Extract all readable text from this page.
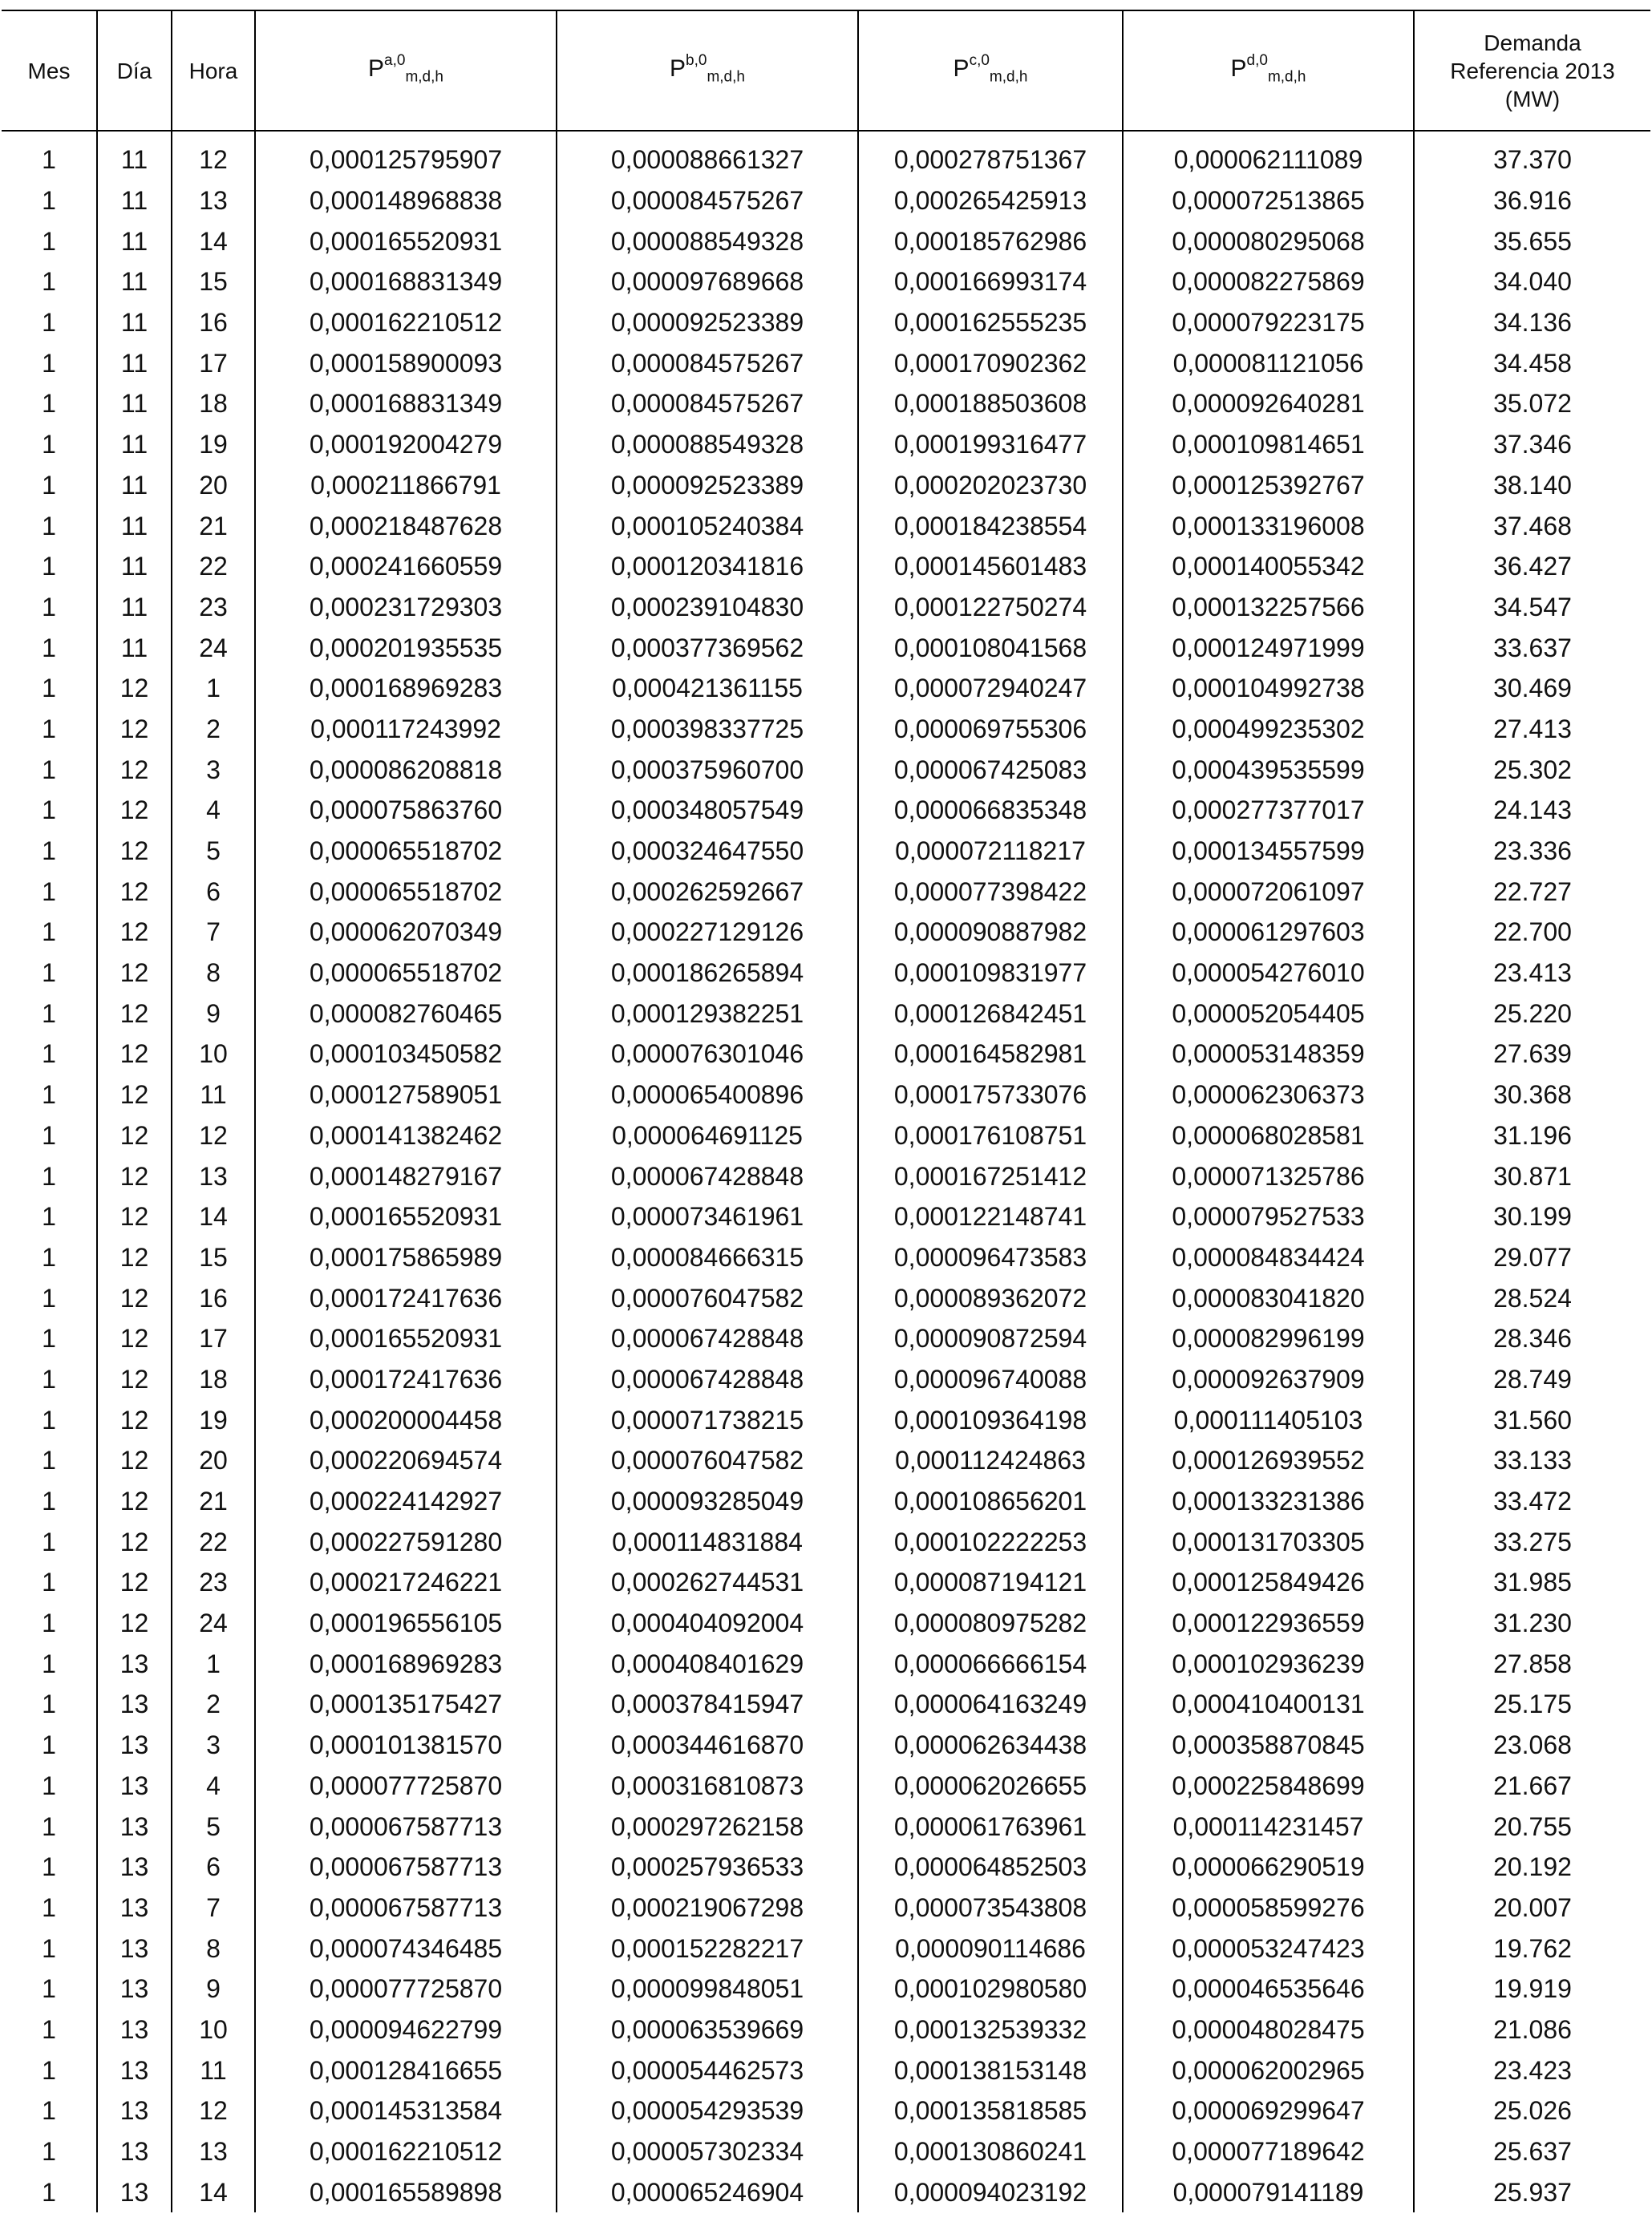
Mes	Día	Hora	P$^{a,0}_{m,d,h}$	P$^{b,0}_{m,d,h}$	P$^{c,0}_{m,d,h}$	P$^{d,0}_{m,d,h}$	Demanda
Referencia 2013
(MW)
1	11	12	0,000125795907	0,000088661327	0,000278751367	0,000062111089	37.370
1	11	13	0,000148968838	0,000084575267	0,000265425913	0,000072513865	36.916
1	11	14	0,000165520931	0,000088549328	0,000185762986	0,000080295068	35.655
1	11	15	0,000168831349	0,000097689668	0,000166993174	0,000082275869	34.040
1	11	16	0,000162210512	0,000092523389	0,000162555235	0,000079223175	34.136
1	11	17	0,000158900093	0,000084575267	0,000170902362	0,000081121056	34.458
1	11	18	0,000168831349	0,000084575267	0,000188503608	0,000092640281	35.072
1	11	19	0,000192004279	0,000088549328	0,000199316477	0,000109814651	37.346
1	11	20	0,000211866791	0,000092523389	0,000202023730	0,000125392767	38.140
1	11	21	0,000218487628	0,000105240384	0,000184238554	0,000133196008	37.468
1	11	22	0,000241660559	0,000120341816	0,000145601483	0,000140055342	36.427
1	11	23	0,000231729303	0,000239104830	0,000122750274	0,000132257566	34.547
1	11	24	0,000201935535	0,000377369562	0,000108041568	0,000124971999	33.637
1	12	1	0,000168969283	0,000421361155	0,000072940247	0,000104992738	30.469
1	12	2	0,000117243992	0,000398337725	0,000069755306	0,000499235302	27.413
1	12	3	0,000086208818	0,000375960700	0,000067425083	0,000439535599	25.302
1	12	4	0,000075863760	0,000348057549	0,000066835348	0,000277377017	24.143
1	12	5	0,000065518702	0,000324647550	0,000072118217	0,000134557599	23.336
1	12	6	0,000065518702	0,000262592667	0,000077398422	0,000072061097	22.727
1	12	7	0,000062070349	0,000227129126	0,000090887982	0,000061297603	22.700
1	12	8	0,000065518702	0,000186265894	0,000109831977	0,000054276010	23.413
1	12	9	0,000082760465	0,000129382251	0,000126842451	0,000052054405	25.220
1	12	10	0,000103450582	0,000076301046	0,000164582981	0,000053148359	27.639
1	12	11	0,000127589051	0,000065400896	0,000175733076	0,000062306373	30.368
1	12	12	0,000141382462	0,000064691125	0,000176108751	0,000068028581	31.196
1	12	13	0,000148279167	0,000067428848	0,000167251412	0,000071325786	30.871
1	12	14	0,000165520931	0,000073461961	0,000122148741	0,000079527533	30.199
1	12	15	0,000175865989	0,000084666315	0,000096473583	0,000084834424	29.077
1	12	16	0,000172417636	0,000076047582	0,000089362072	0,000083041820	28.524
1	12	17	0,000165520931	0,000067428848	0,000090872594	0,000082996199	28.346
1	12	18	0,000172417636	0,000067428848	0,000096740088	0,000092637909	28.749
1	12	19	0,000200004458	0,000071738215	0,000109364198	0,000111405103	31.560
1	12	20	0,000220694574	0,000076047582	0,000112424863	0,000126939552	33.133
1	12	21	0,000224142927	0,000093285049	0,000108656201	0,000133231386	33.472
1	12	22	0,000227591280	0,000114831884	0,000102222253	0,000131703305	33.275
1	12	23	0,000217246221	0,000262744531	0,000087194121	0,000125849426	31.985
1	12	24	0,000196556105	0,000404092004	0,000080975282	0,000122936559	31.230
1	13	1	0,000168969283	0,000408401629	0,000066666154	0,000102936239	27.858
1	13	2	0,000135175427	0,000378415947	0,000064163249	0,000410400131	25.175
1	13	3	0,000101381570	0,000344616870	0,000062634438	0,000358870845	23.068
1	13	4	0,000077725870	0,000316810873	0,000062026655	0,000225848699	21.667
1	13	5	0,000067587713	0,000297262158	0,000061763961	0,000114231457	20.755
1	13	6	0,000067587713	0,000257936533	0,000064852503	0,000066290519	20.192
1	13	7	0,000067587713	0,000219067298	0,000073543808	0,000058599276	20.007
1	13	8	0,000074346485	0,000152282217	0,000090114686	0,000053247423	19.762
1	13	9	0,000077725870	0,000099848051	0,000102980580	0,000046535646	19.919
1	13	10	0,000094622799	0,000063539669	0,000132539332	0,000048028475	21.086
1	13	11	0,000128416655	0,000054462573	0,000138153148	0,000062002965	23.423
1	13	12	0,000145313584	0,000054293539	0,000135818585	0,000069299647	25.026
1	13	13	0,000162210512	0,000057302334	0,000130860241	0,000077189642	25.637
1	13	14	0,000165589898	0,000065246904	0,000094023192	0,000079141189	25.937
